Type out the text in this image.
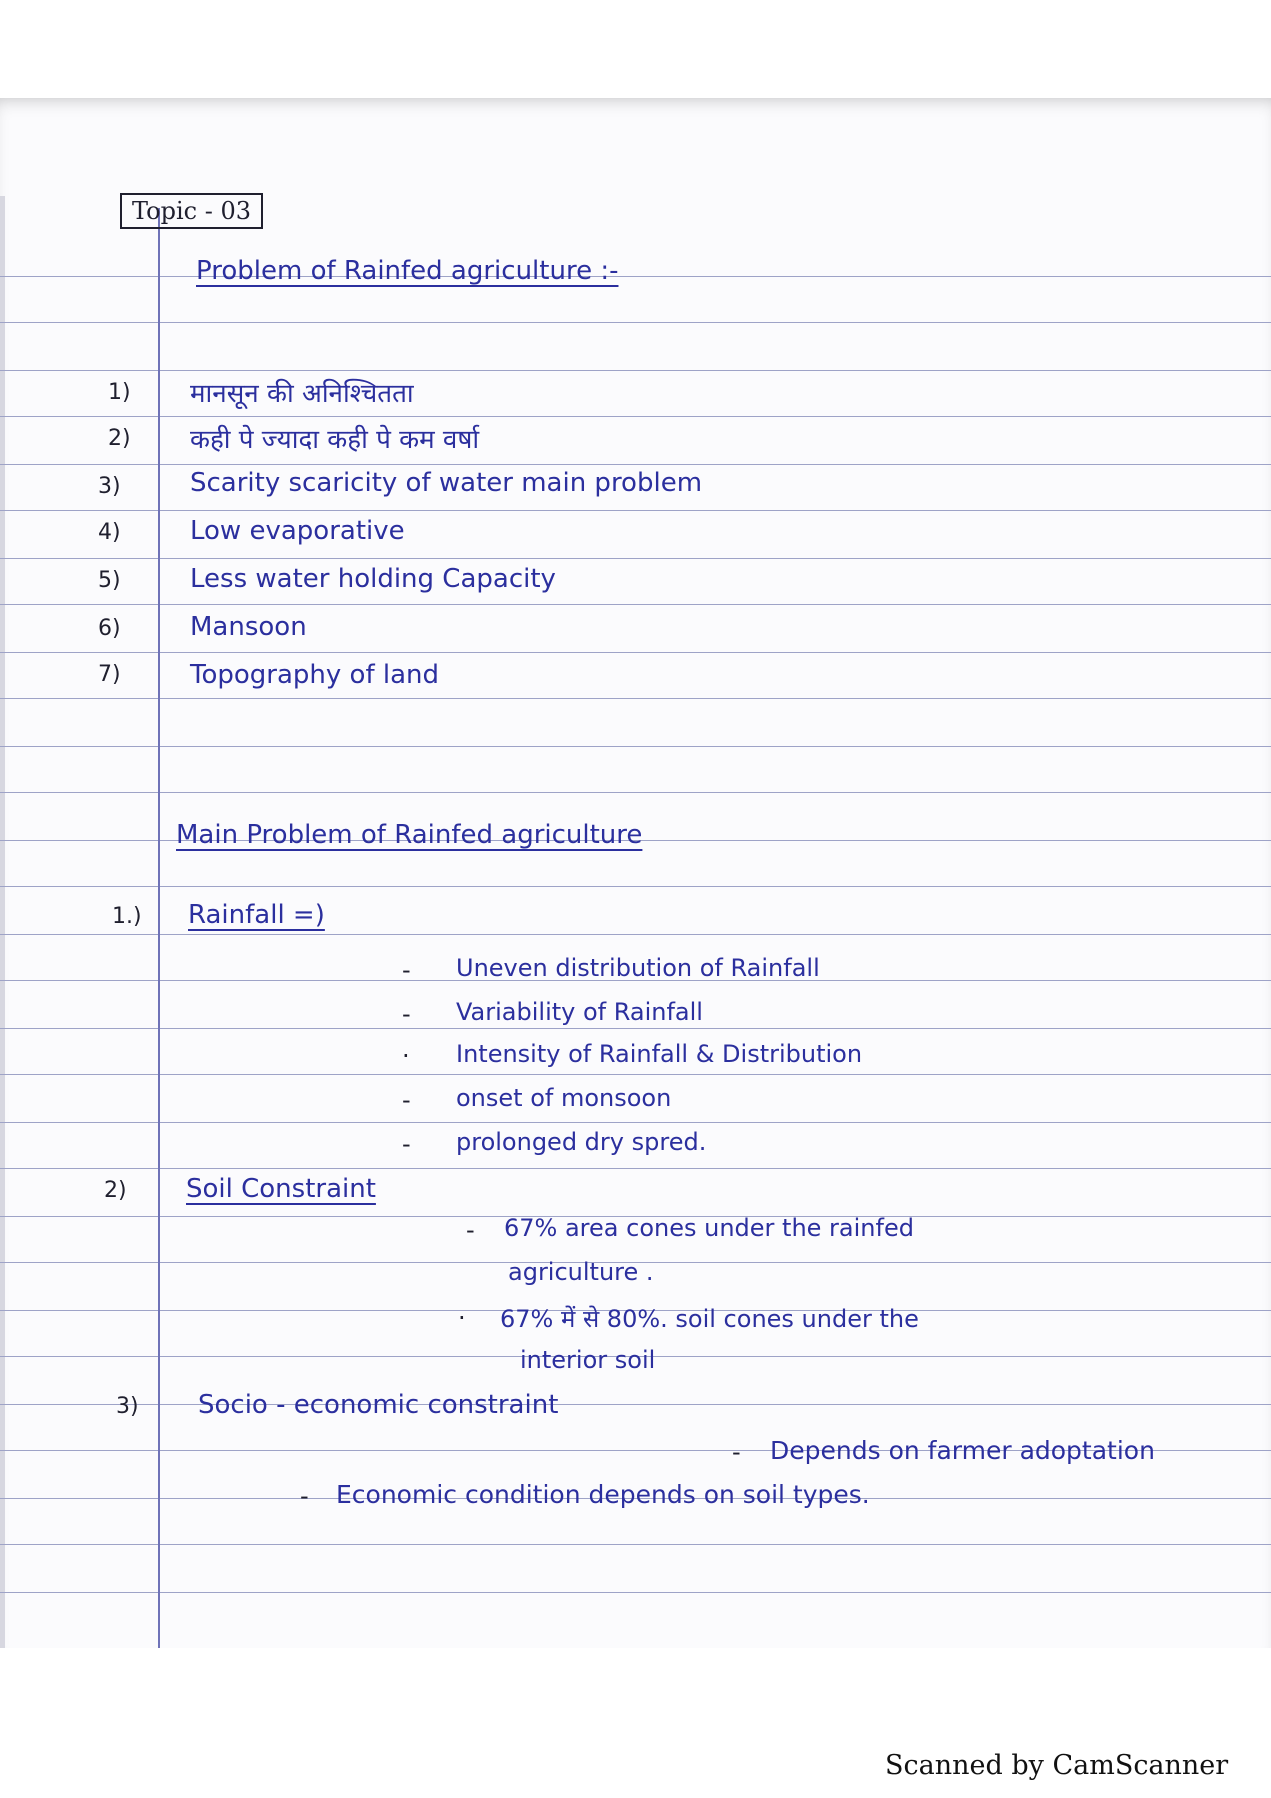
Topic - 03
Problem of Rainfed agriculture :-
1) मानसून की अनिश्चितता
2) कही पे ज्यादा कही पे कम वर्षा
3)	Scarity scaricity of water main problem
4)	Low evaporative
5)	Less water holding Capacity
6)	Mansoon
7)	Topography of land
Main Problem of Rainfed agriculture
1.) Rainfall =)
- Uneven distribution of Rainfall
- Variability of Rainfall
· Intensity of Rainfall & Distribution
- onset of monsoon
- prolonged dry spred.
2) Soil Constraint
- 67% area cones under the rainfed
agriculture .
· 67% में से 80%. soil cones under the
interior soil
3) Socio - economic constraint
- Depends on farmer adoptation
- Economic condition depends on soil types.
Scanned by CamScanner
